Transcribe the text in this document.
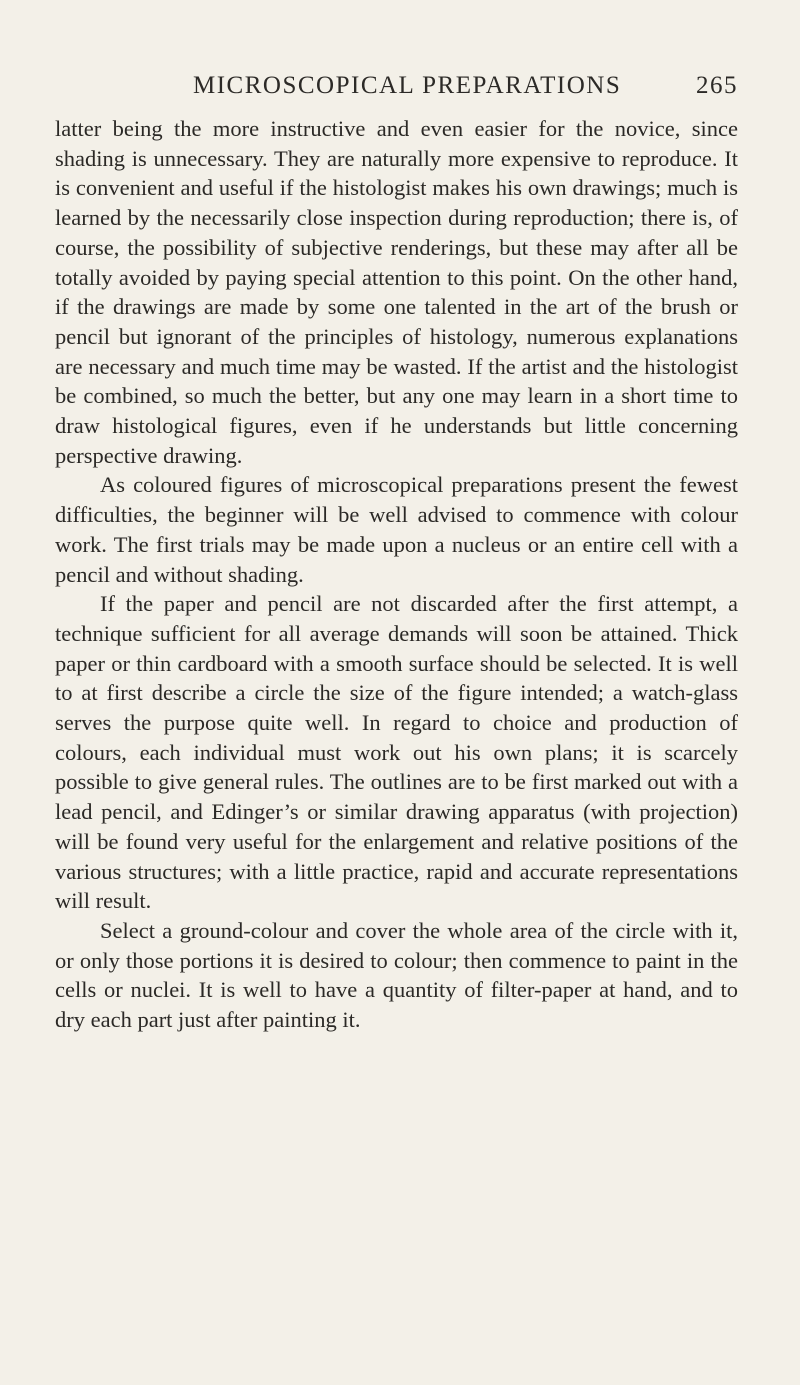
MICROSCOPICAL PREPARATIONS	265

latter being the more instructive and even easier for the novice, since shading is unnecessary. They are naturally more expensive to reproduce. It is convenient and useful if the histologist makes his own drawings; much is learned by the necessarily close inspection during reproduction; there is, of course, the possibility of subjective renderings, but these may after all be totally avoided by paying special attention to this point. On the other hand, if the drawings are made by some one talented in the art of the brush or pencil but ignorant of the principles of histology, numerous explanations are necessary and much time may be wasted. If the artist and the histologist be combined, so much the better, but any one may learn in a short time to draw histological figures, even if he understands but little concerning perspective drawing.

As coloured figures of microscopical preparations present the fewest difficulties, the beginner will be well advised to commence with colour work. The first trials may be made upon a nucleus or an entire cell with a pencil and without shading.

If the paper and pencil are not discarded after the first attempt, a technique sufficient for all average demands will soon be attained. Thick paper or thin cardboard with a smooth surface should be selected. It is well to at first describe a circle the size of the figure intended; a watch-glass serves the purpose quite well. In regard to choice and production of colours, each individual must work out his own plans; it is scarcely possible to give general rules. The outlines are to be first marked out with a lead pencil, and Edinger’s or similar drawing apparatus (with projection) will be found very useful for the enlargement and relative positions of the various structures; with a little practice, rapid and accurate representations will result.

Select a ground-colour and cover the whole area of the circle with it, or only those portions it is desired to colour; then commence to paint in the cells or nuclei. It is well to have a quantity of filter-paper at hand, and to dry each part just after painting it.
